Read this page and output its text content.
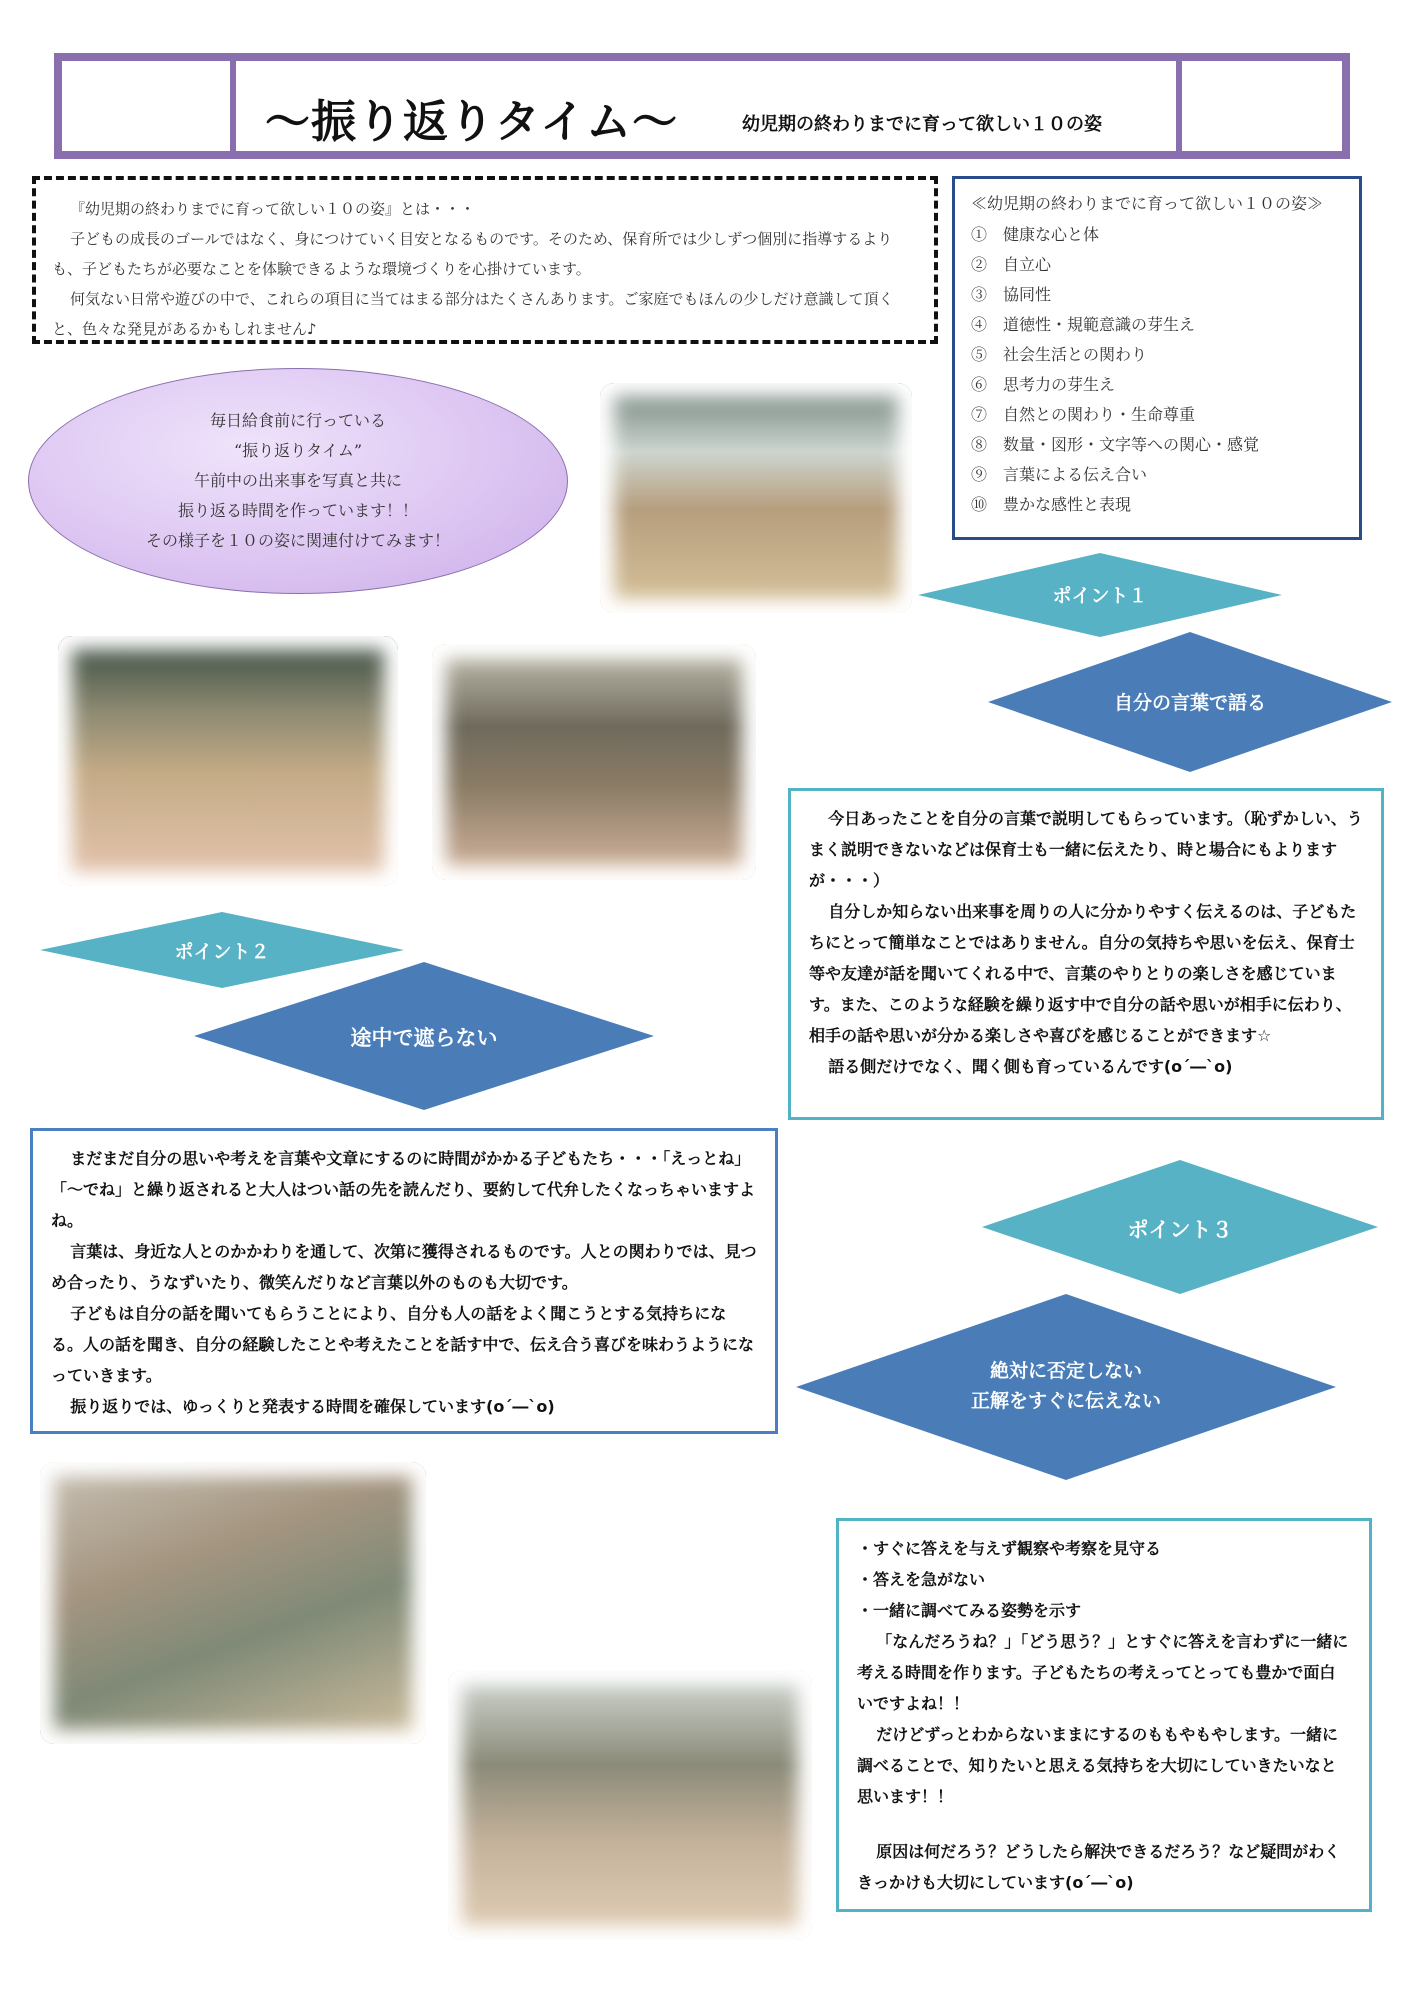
～振り返りタイム～	幼児期の終わりまでに育って欲しい１０の姿

『幼児期の終わりまでに育って欲しい１０の姿』とは・・・

子どもの成長のゴールではなく、身につけていく目安となるものです。そのため、保育所では少しずつ個別に指導するよりも、子どもたちが必要なことを体験できるような環境づくりを心掛けています。

何気ない日常や遊びの中で、これらの項目に当てはまる部分はたくさんあります。ご家庭でもほんの少しだけ意識して頂くと、色々な発見があるかもしれません♪

≪幼児期の終わりまでに育って欲しい１０の姿≫

①　健康な心と体
②　自立心
③　協同性
④　道徳性・規範意識の芽生え
⑤　社会生活との関わり
⑥　思考力の芽生え
⑦　自然との関わり・生命尊重
⑧　数量・図形・文字等への関心・感覚
⑨　言葉による伝え合い
⑩　豊かな感性と表現
毎日給食前に行っている
“振り返りタイム”
午前中の出来事を写真と共に
振り返る時間を作っています！！
その様子を１０の姿に関連付けてみます！
ポイント１
自分の言葉で語る

今日あったことを自分の言葉で説明してもらっています。（恥ずかしい、うまく説明できないなどは保育士も一緒に伝えたり、時と場合にもよりますが・・・）

自分しか知らない出来事を周りの人に分かりやすく伝えるのは、子どもたちにとって簡単なことではありません。自分の気持ちや思いを伝え、保育士等や友達が話を聞いてくれる中で、言葉のやりとりの楽しさを感じています。また、このような経験を繰り返す中で自分の話や思いが相手に伝わり、相手の話や思いが分かる楽しさや喜びを感じることができます☆

語る側だけでなく、聞く側も育っているんです(o´―`o)

ポイント２
途中で遮らない

まだまだ自分の思いや考えを言葉や文章にするのに時間がかかる子どもたち・・・「えっとね」「～でね」と繰り返されると大人はつい話の先を読んだり、要約して代弁したくなっちゃいますよね。

言葉は、身近な人とのかかわりを通して、次第に獲得されるものです。人との関わりでは、見つめ合ったり、うなずいたり、微笑んだりなど言葉以外のものも大切です。

子どもは自分の話を聞いてもらうことにより、自分も人の話をよく聞こうとする気持ちになる。人の話を聞き、自分の経験したことや考えたことを話す中で、伝え合う喜びを味わうようになっていきます。

振り返りでは、ゆっくりと発表する時間を確保しています(o´―`o)

ポイント３
絶対に否定しない
正解をすぐに伝えない

・すぐに答えを与えず観察や考察を見守る

・答えを急がない

・一緒に調べてみる姿勢を示す

「なんだろうね？」「どう思う？」とすぐに答えを言わずに一緒に考える時間を作ります。子どもたちの考えってとっても豊かで面白いですよね！！

だけどずっとわからないままにするのももやもやします。一緒に調べることで、知りたいと思える気持ちを大切にしていきたいなと思います！！

原因は何だろう？どうしたら解決できるだろう？など疑問がわくきっかけも大切にしています(o´―`o)
